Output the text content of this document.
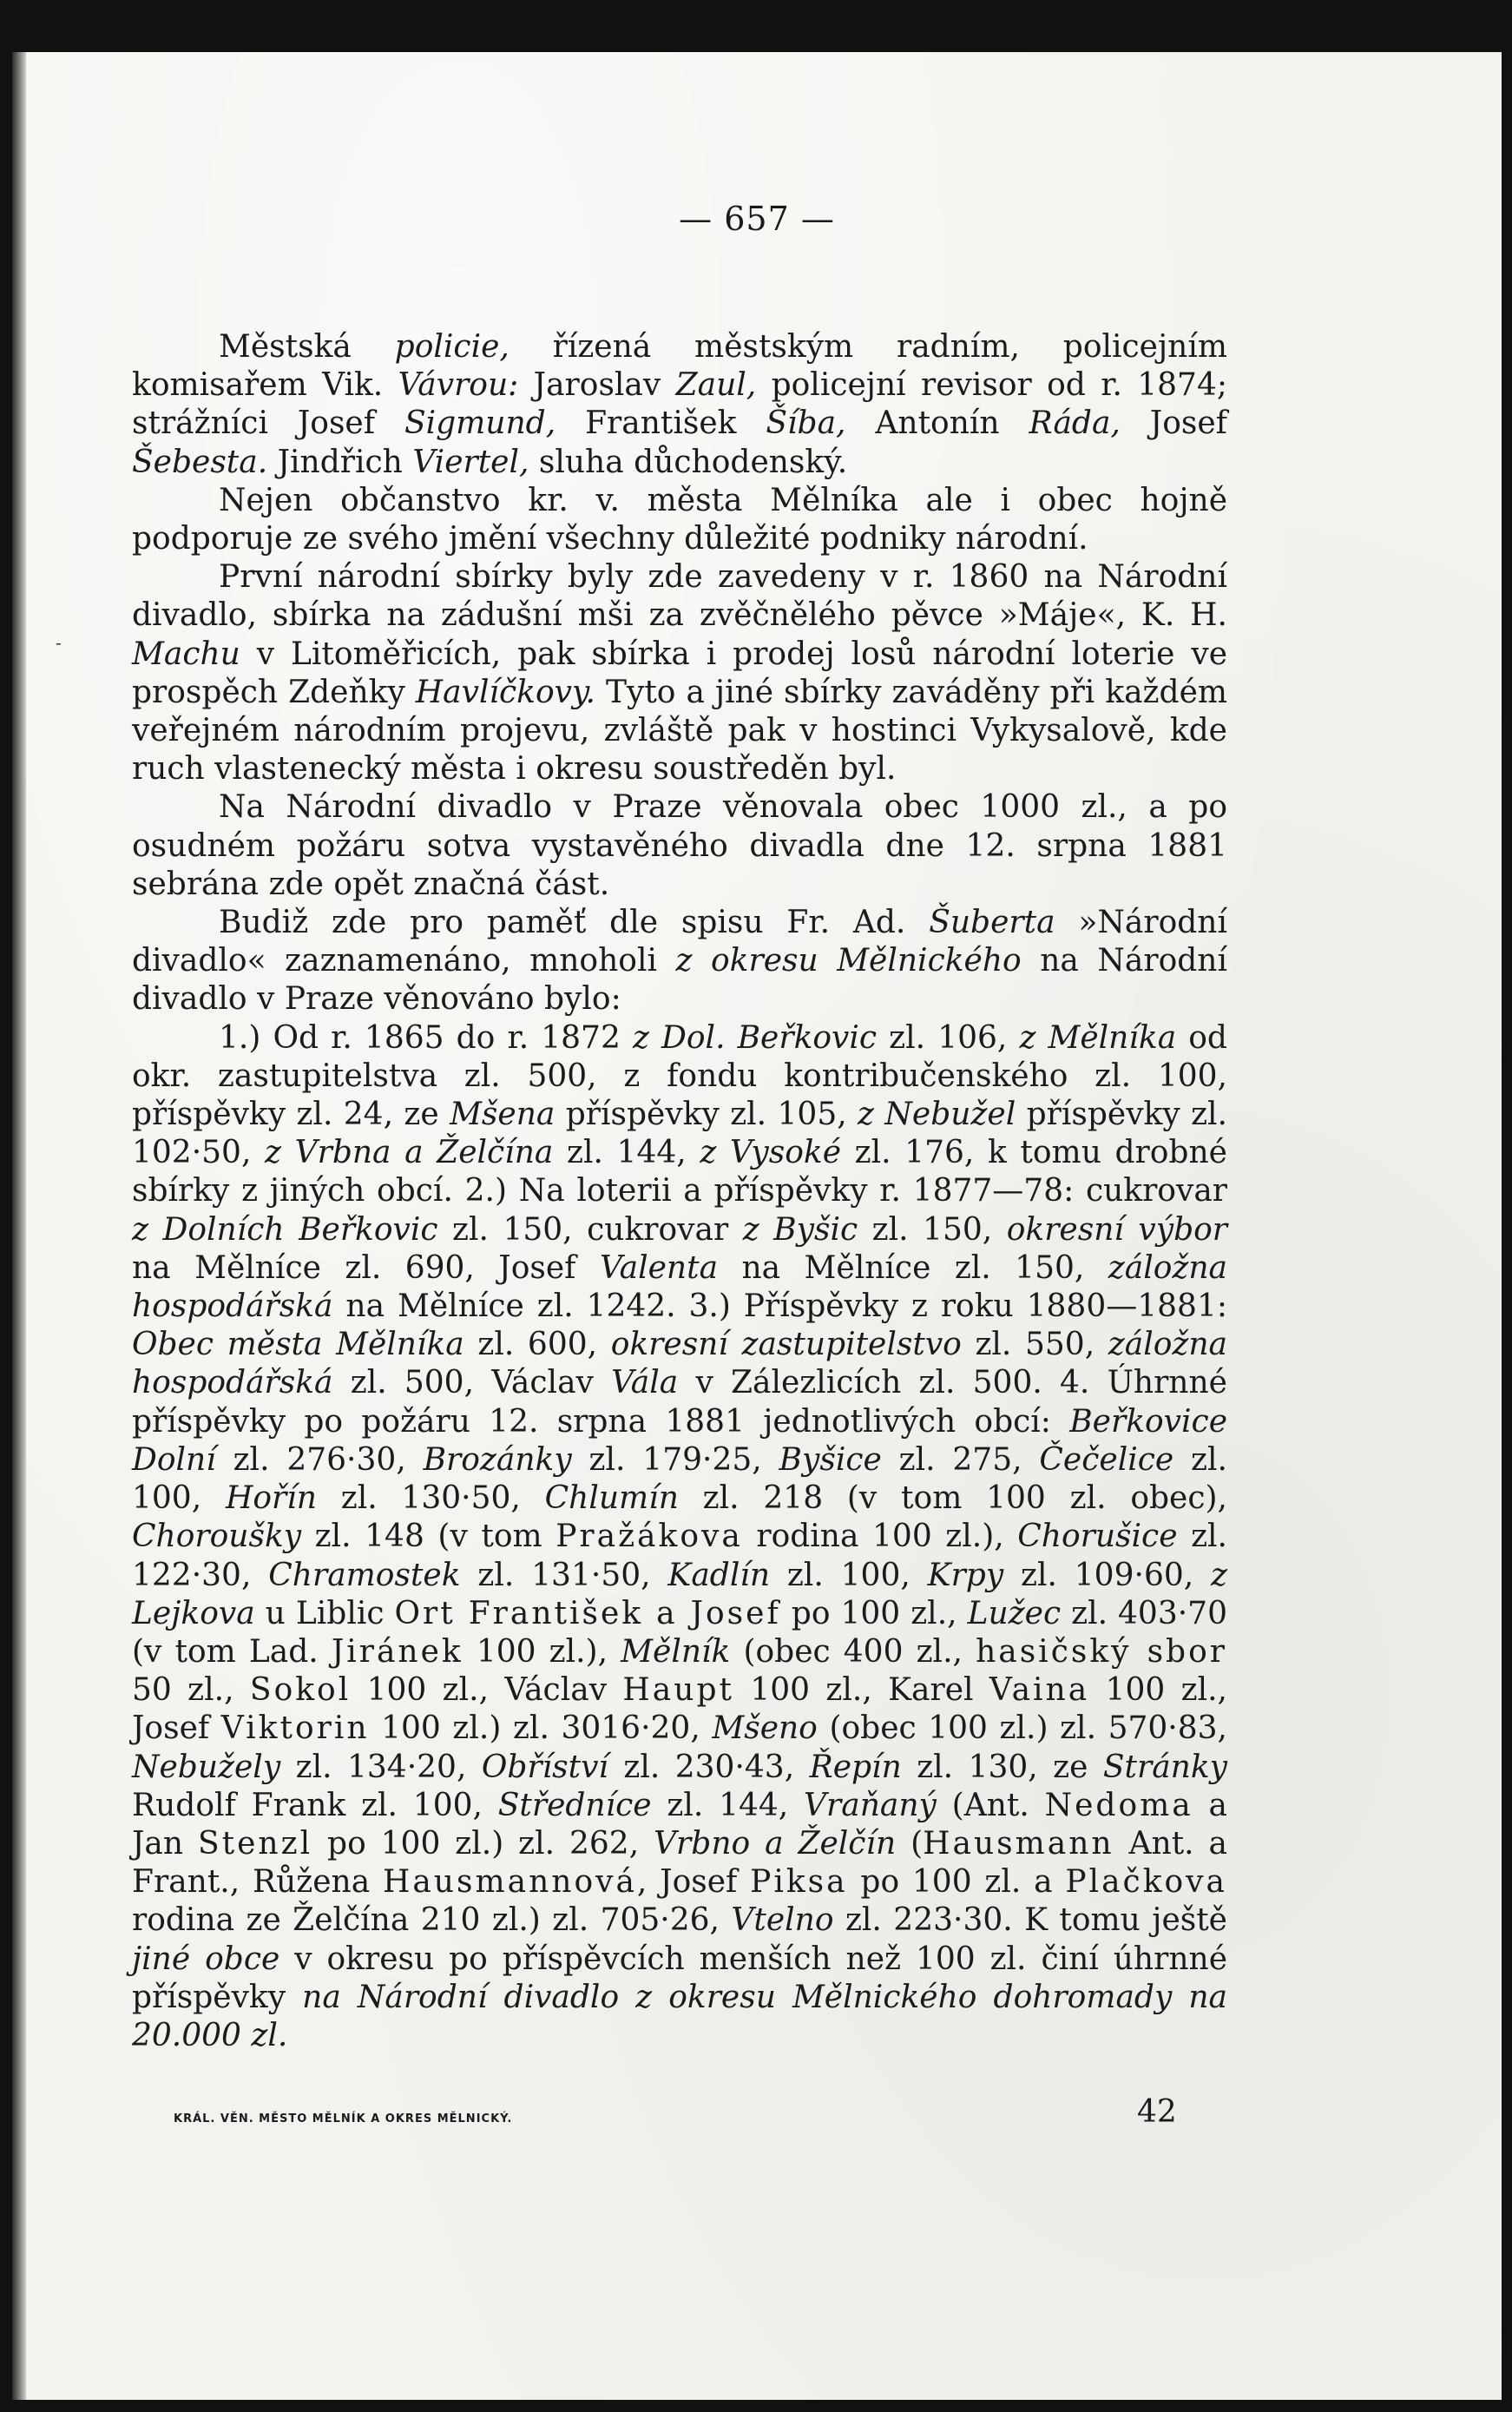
— 657 —
-

Městská policie, řízená městským radním, policejním komisařem Vik. Vávrou: Jaroslav Zaul, policejní revisor od r. 1874; strážníci Josef Sigmund, František Šíba, Antonín Ráda, Josef Šebesta. Jindřich Viertel, sluha důchodenský.

Nejen občanstvo kr. v. města Mělníka ale i obec hojně podporuje ze svého jmění všechny důležité podniky národní.

První národní sbírky byly zde zavedeny v r. 1860 na Národní divadlo, sbírka na zádušní mši za zvěčnělého pěvce »Máje«, K. H. Machu v Litoměřicích, pak sbírka i prodej losů národní loterie ve prospěch Zdeňky Havlíčkovy. Tyto a jiné sbírky zaváděny při každém veřejném národním projevu, zvláště pak v hostinci Vykysalově, kde ruch vlastenecký města i okresu soustředěn byl.

Na Národní divadlo v Praze věnovala obec 1000 zl., a po osudném požáru sotva vystavěného divadla dne 12. srpna 1881 sebrána zde opět značná část.

Budiž zde pro paměť dle spisu Fr. Ad. Šuberta »Národní divadlo« zaznamenáno, mnoholi z okresu Mělnického na Národní divadlo v Praze věnováno bylo:

1.) Od r. 1865 do r. 1872 z Dol. Beřkovic zl. 106, z Mělníka od okr. zastupitelstva zl. 500, z fondu kontribučenského zl. 100, příspěvky zl. 24, ze Mšena příspěvky zl. 105, z Nebužel příspěvky zl. 102·50, z Vrbna a Želčína zl. 144, z Vysoké zl. 176, k tomu drobné sbírky z jiných obcí. 2.) Na loterii a příspěvky r. 1877—78: cukrovar z Dolních Beřkovic zl. 150, cukrovar z Byšic zl. 150, okresní výbor na Mělníce zl. 690, Josef Valenta na Mělníce zl. 150, záložna hospodářská na Mělníce zl. 1242. 3.) Příspěvky z roku 1880—1881: Obec města Mělníka zl. 600, okresní zastupitelstvo zl. 550, záložna hospodářská zl. 500, Václav Vála v Zálezlicích zl. 500. 4. Úhrnné příspěvky po požáru 12. srpna 1881 jednotlivých obcí: Beřkovice Dolní zl. 276·30, Brozánky zl. 179·25, Byšice zl. 275, Čečelice zl. 100, Hořín zl. 130·50, Chlumín zl. 218 (v tom 100 zl. obec), Choroušky zl. 148 (v tom Pražákova rodina 100 zl.), Chorušice zl. 122·30, Chramostek zl. 131·50, Kadlín zl. 100, Krpy zl. 109·60, z Lejkova u Liblic Ort František a Josef po 100 zl., Lužec zl. 403·70 (v tom Lad. Jiránek 100 zl.), Mělník (obec 400 zl., hasičský sbor 50 zl., Sokol 100 zl., Václav Haupt 100 zl., Karel Vaina 100 zl., Josef Viktorin 100 zl.) zl. 3016·20, Mšeno (obec 100 zl.) zl. 570·83, Nebužely zl. 134·20, Obříství zl. 230·43, Řepín zl. 130, ze Stránky Rudolf Frank zl. 100, Středníce zl. 144, Vraňaný (Ant. Nedoma a Jan Stenzl po 100 zl.) zl. 262, Vrbno a Želčín (Hausmann Ant. a Frant., Růžena Hausmannová, Josef Piksa po 100 zl. a Plačkova rodina ze Želčína 210 zl.) zl. 705·26, Vtelno zl. 223·30. K tomu ještě jiné obce v okresu po příspěvcích menších než 100 zl. činí úhrnné příspěvky na Národní divadlo z okresu Mělnického dohromady na 20.000 zl.

KRÁL. VĚN. MĚSTO MĚLNÍK A OKRES MĚLNICKÝ.	42
